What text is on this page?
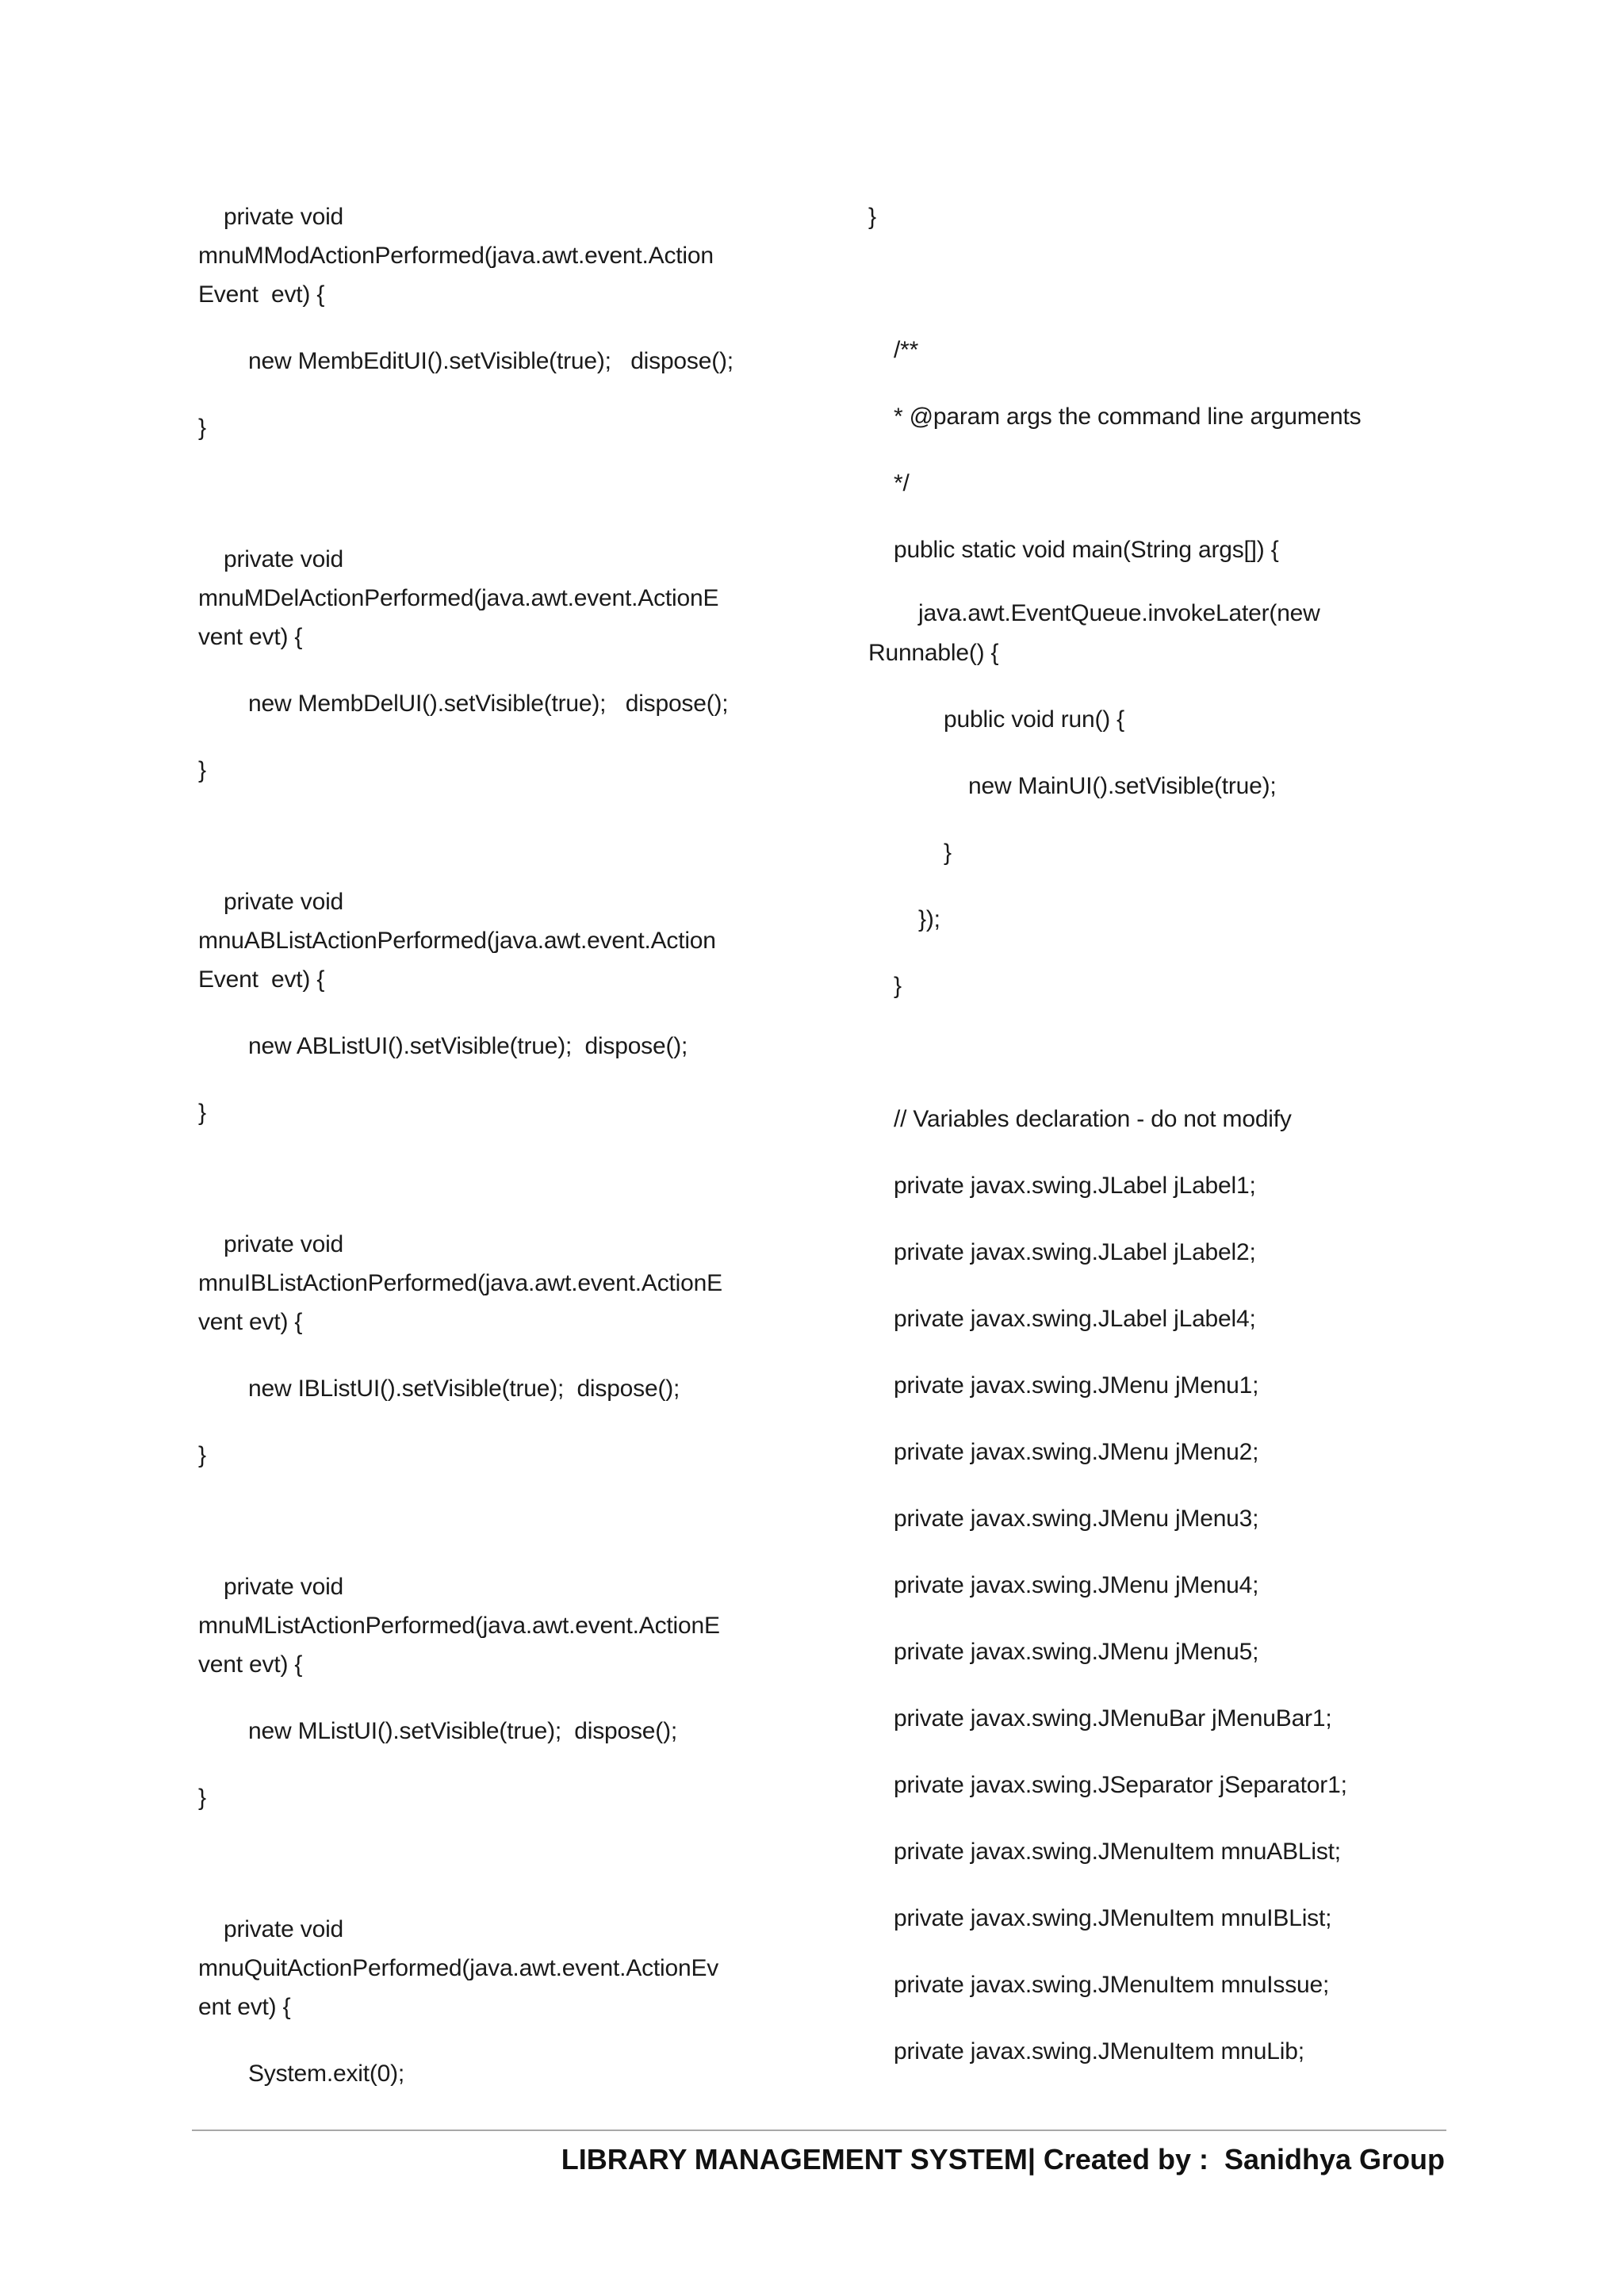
private void
mnuMModActionPerformed(java.awt.event.Action
Event  evt) {
new MembEditUI().setVisible(true);   dispose();
}
private void
mnuMDelActionPerformed(java.awt.event.ActionE
vent evt) {
new MembDelUI().setVisible(true);   dispose();
}
private void
mnuABListActionPerformed(java.awt.event.Action
Event  evt) {
new ABListUI().setVisible(true);  dispose();
}
private void
mnuIBListActionPerformed(java.awt.event.ActionE
vent evt) {
new IBListUI().setVisible(true);  dispose();
}
private void
mnuMListActionPerformed(java.awt.event.ActionE
vent evt) {
new MListUI().setVisible(true);  dispose();
}
private void
mnuQuitActionPerformed(java.awt.event.ActionEv
ent evt) {
System.exit(0);
}
/**
* @param args the command line arguments
*/
public static void main(String args[]) {
java.awt.EventQueue.invokeLater(new
Runnable() {
public void run() {
new MainUI().setVisible(true);
}
});
}
// Variables declaration - do not modify
private javax.swing.JLabel jLabel1;
private javax.swing.JLabel jLabel2;
private javax.swing.JLabel jLabel4;
private javax.swing.JMenu jMenu1;
private javax.swing.JMenu jMenu2;
private javax.swing.JMenu jMenu3;
private javax.swing.JMenu jMenu4;
private javax.swing.JMenu jMenu5;
private javax.swing.JMenuBar jMenuBar1;
private javax.swing.JSeparator jSeparator1;
private javax.swing.JMenuItem mnuABList;
private javax.swing.JMenuItem mnuIBList;
private javax.swing.JMenuItem mnuIssue;
private javax.swing.JMenuItem mnuLib;
LIBRARY MANAGEMENT SYSTEM| Created by :  Sanidhya Group
